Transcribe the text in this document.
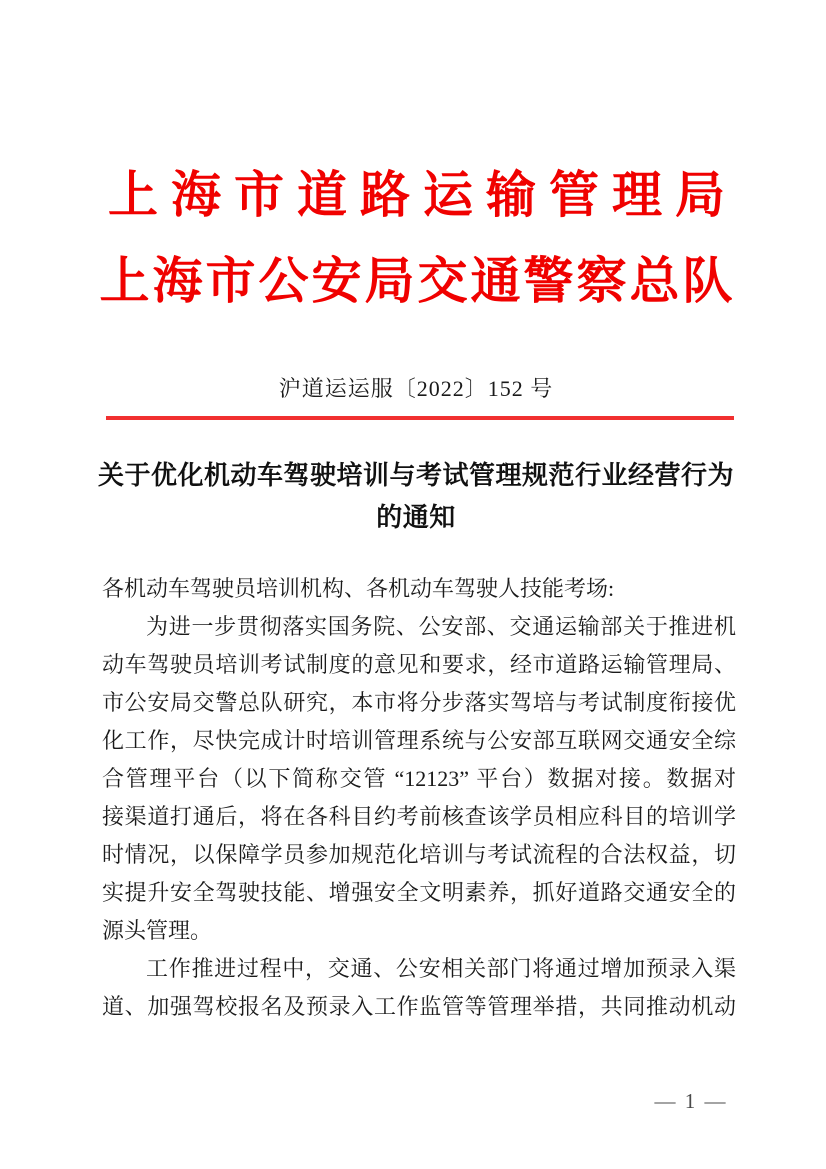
上海市道路运输管理局
上海市公安局交通警察总队
沪道运运服〔2022〕152 号
关于优化机动车驾驶培训与考试管理规范行业经营行为
的通知
各机动车驾驶员培训机构、各机动车驾驶人技能考场:
为进一步贯彻落实国务院、公安部、交通运输部关于推进机
动车驾驶员培训考试制度的意见和要求，经市道路运输管理局、
市公安局交警总队研究，本市将分步落实驾培与考试制度衔接优
化工作，尽快完成计时培训管理系统与公安部互联网交通安全综
合管理平台（以下简称交管 “12123” 平台）数据对接。数据对
接渠道打通后，将在各科目约考前核查该学员相应科目的培训学
时情况，以保障学员参加规范化培训与考试流程的合法权益，切
实提升安全驾驶技能、增强安全文明素养，抓好道路交通安全的
源头管理。
工作推进过程中，交通、公安相关部门将通过增加预录入渠
道、加强驾校报名及预录入工作监管等管理举措，共同推动机动
— 1 —
